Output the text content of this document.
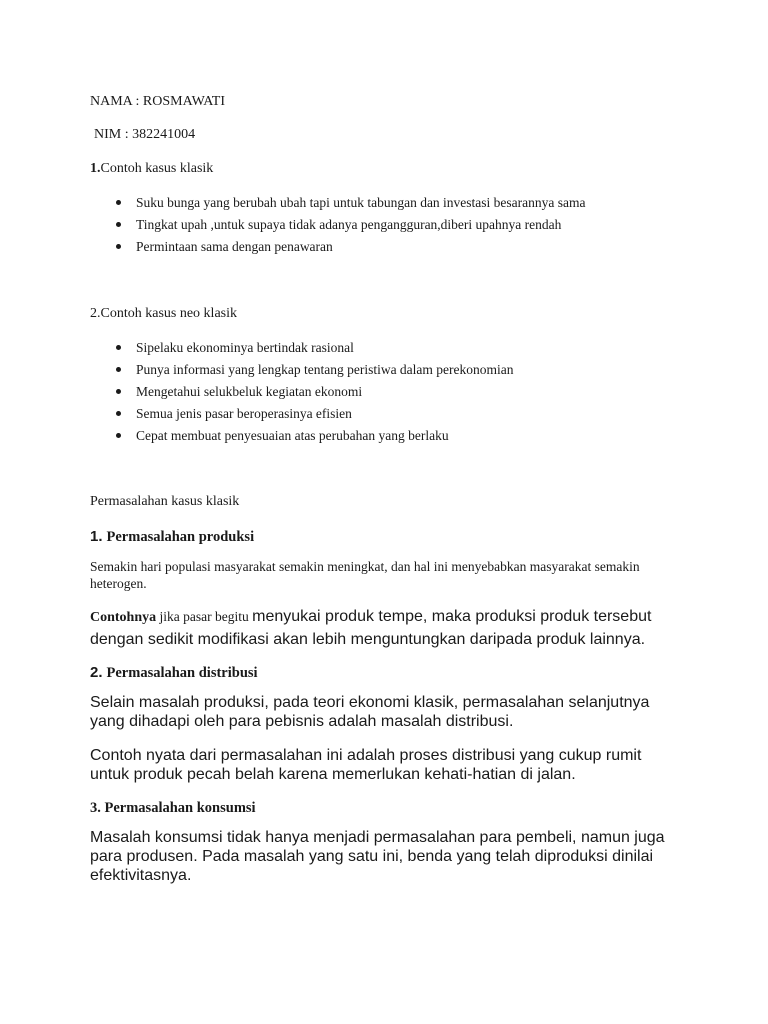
NAMA : ROSMAWATI
NIM : 382241004
1.Contoh kasus klasik
Suku bunga yang berubah ubah tapi untuk tabungan dan investasi besarannya sama
Tingkat upah ,untuk supaya tidak adanya pengangguran,diberi upahnya rendah
Permintaan sama dengan penawaran
2.Contoh kasus neo klasik
Sipelaku ekonominya bertindak rasional
Punya informasi yang lengkap tentang peristiwa dalam perekonomian
Mengetahui selukbeluk kegiatan ekonomi
Semua jenis pasar beroperasinya efisien
Cepat membuat penyesuaian atas perubahan yang berlaku
Permasalahan kasus klasik
1. Permasalahan produksi
Semakin hari populasi masyarakat semakin meningkat, dan hal ini menyebabkan masyarakat semakin heterogen.
Contohnya jika pasar begitu menyukai produk tempe, maka produksi produk tersebut dengan sedikit modifikasi akan lebih menguntungkan daripada produk lainnya.
2. Permasalahan distribusi
Selain masalah produksi, pada teori ekonomi klasik, permasalahan selanjutnya yang dihadapi oleh para pebisnis adalah masalah distribusi.
Contoh nyata dari permasalahan ini adalah proses distribusi yang cukup rumit untuk produk pecah belah karena memerlukan kehati-hatian di jalan.
3. Permasalahan konsumsi
Masalah konsumsi tidak hanya menjadi permasalahan para pembeli, namun juga para produsen. Pada masalah yang satu ini, benda yang telah diproduksi dinilai efektivitasnya.
